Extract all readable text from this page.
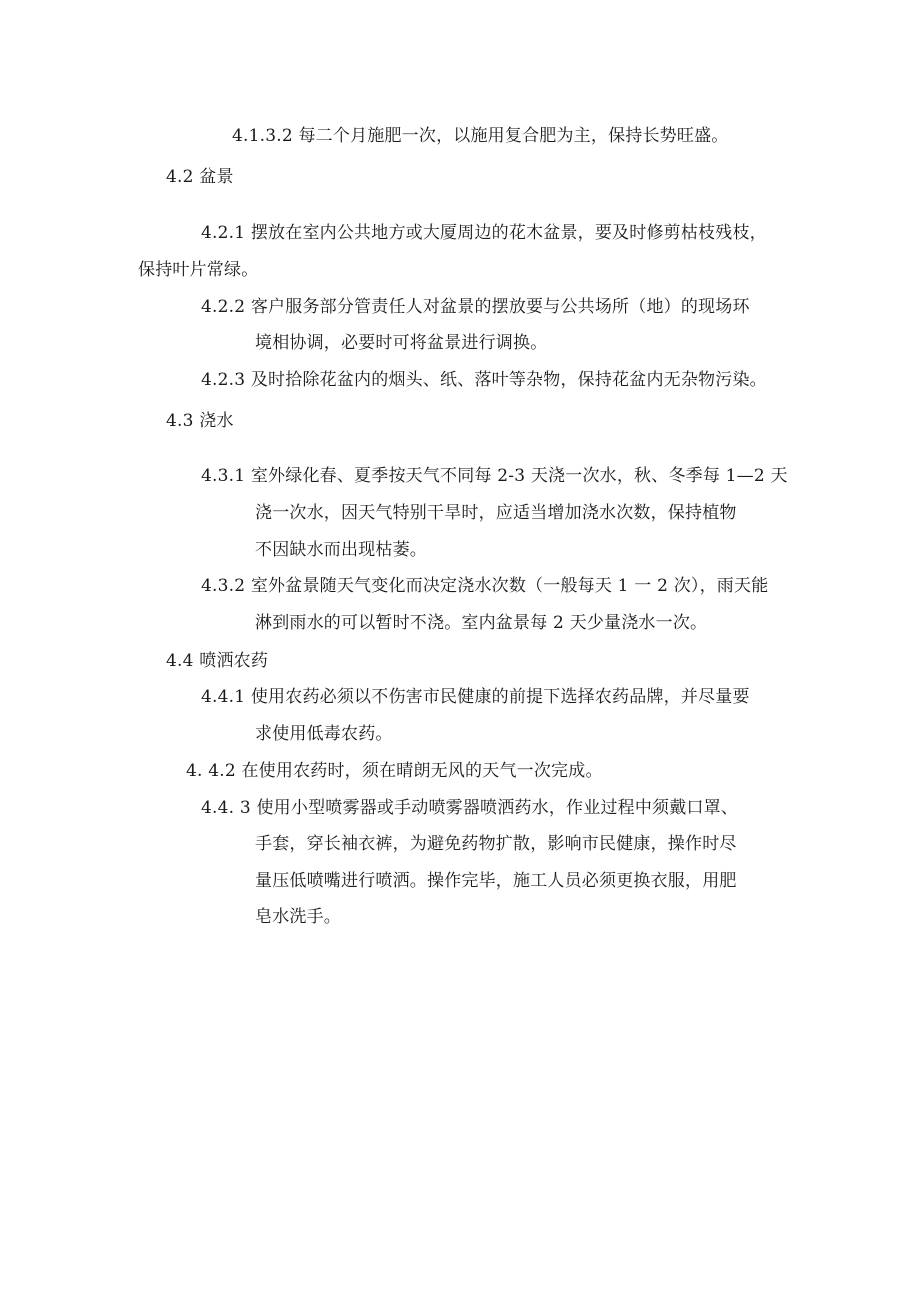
4.1.3.2 每二个月施肥一次，以施用复合肥为主，保持长势旺盛。
4.2 盆景
4.2.1 摆放在室内公共地方或大厦周边的花木盆景，要及时修剪枯枝残枝，
保持叶片常绿。
4.2.2 客户服务部分管责任人对盆景的摆放要与公共场所（地）的现场环
境相协调，必要时可将盆景进行调换。
4.2.3 及时拾除花盆内的烟头、纸、落叶等杂物，保持花盆内无杂物污染。
4.3 浇水
4.3.1 室外绿化春、夏季按天气不同每 2-3 天浇一次水，秋、冬季每 1—2 天
浇一次水，因天气特别干旱时，应适当增加浇水次数，保持植物
不因缺水而出现枯萎。
4.3.2 室外盆景随天气变化而决定浇水次数（一般每天 1 一 2 次），雨天能
淋到雨水的可以暂时不浇。室内盆景每 2 天少量浇水一次。
4.4 喷洒农药
4.4.1 使用农药必须以不伤害市民健康的前提下选择农药品牌，并尽量要
求使用低毒农药。
4. 4.2 在使用农药时，须在晴朗无风的天气一次完成。
4.4. 3 使用小型喷雾器或手动喷雾器喷洒药水，作业过程中须戴口罩、
手套，穿长袖衣裤，为避免药物扩散，影响市民健康，操作时尽
量压低喷嘴进行喷洒。操作完毕，施工人员必须更换衣服，用肥
皂水洗手。
